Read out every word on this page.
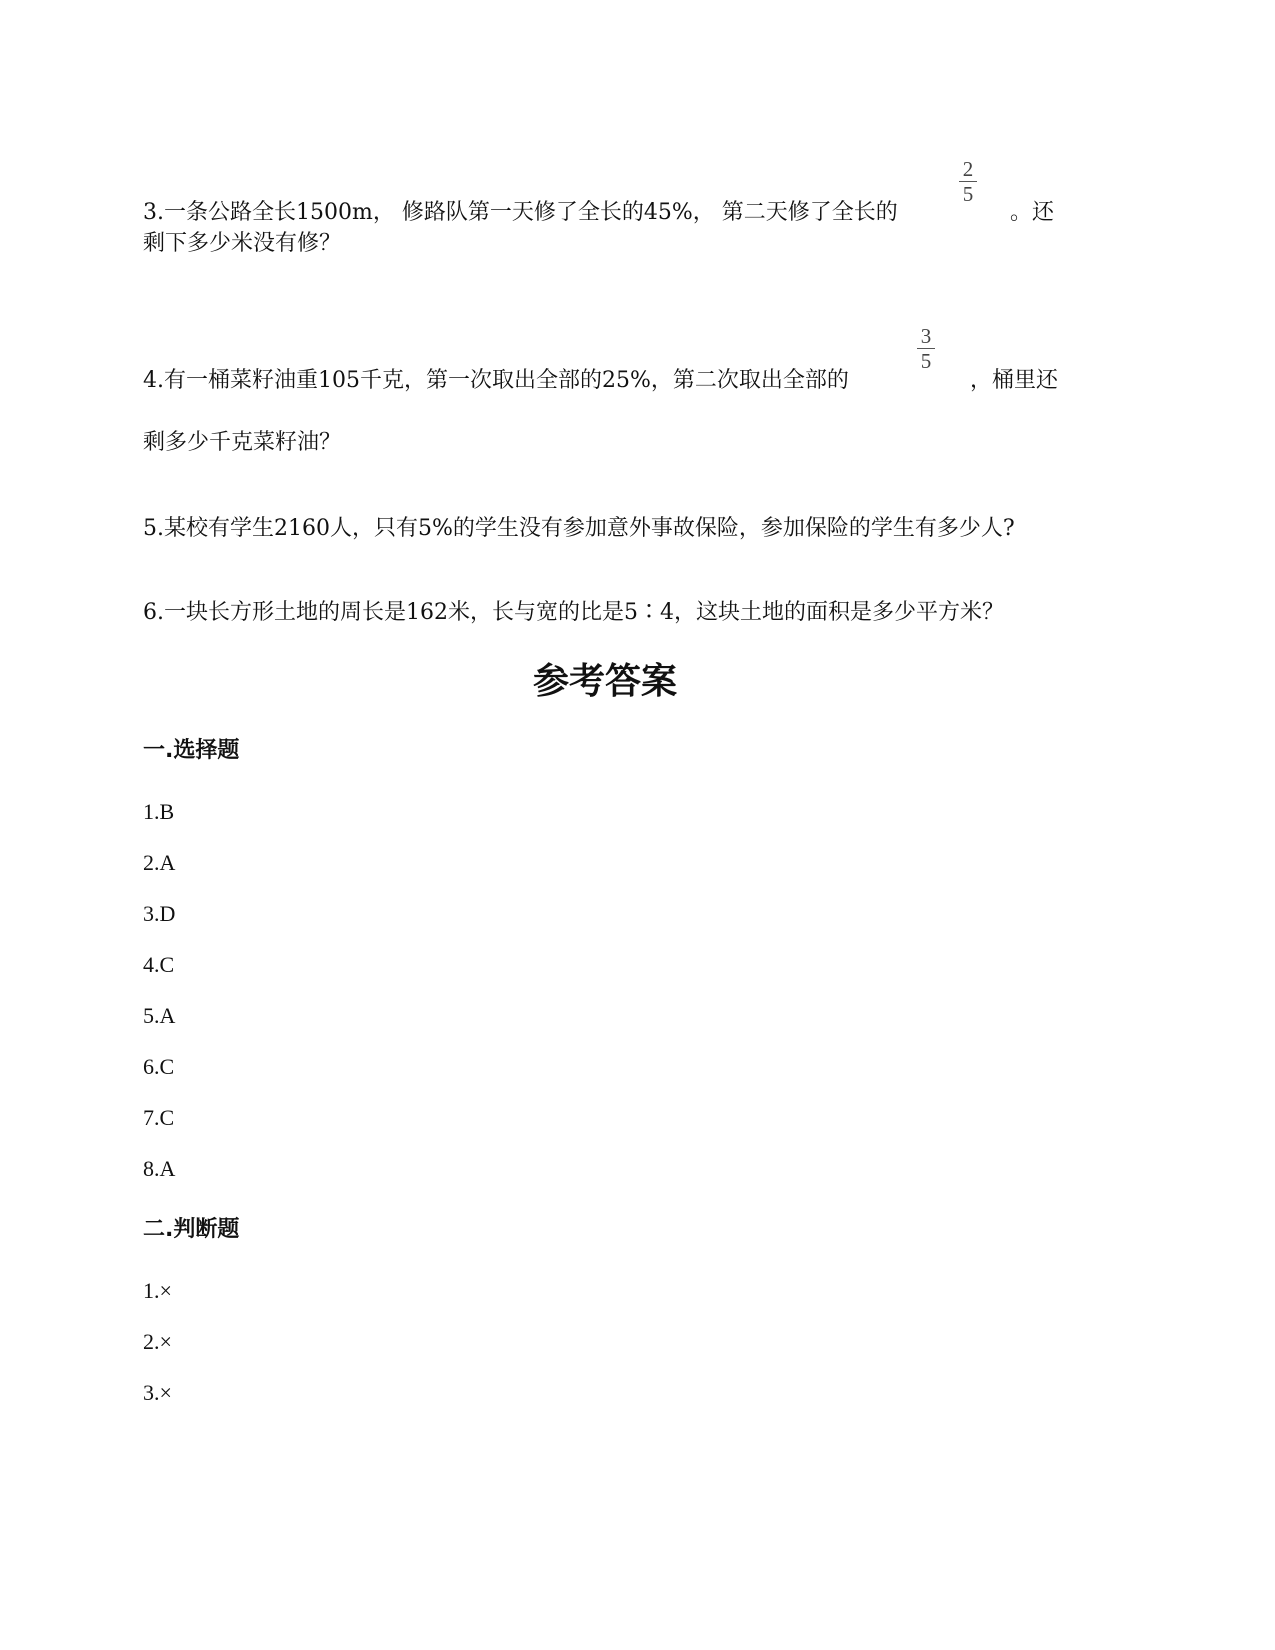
3.一条公路全长1500m， 修路队第一天修了全长的45%， 第二天修了全长的
2
5
。还
剩下多少米没有修？
4.有一桶菜籽油重105千克，第一次取出全部的25%，第二次取出全部的
3
5
，桶里还
剩多少千克菜籽油？
5.某校有学生2160人，只有5%的学生没有参加意外事故保险，参加保险的学生有多少人?
6.一块长方形土地的周长是162米，长与宽的比是5∶4，这块土地的面积是多少平方米？
参考答案
一.选择题
1.B
2.A
3.D
4.C
5.A
6.C
7.C
8.A
二.判断题
1.×
2.×
3.×
